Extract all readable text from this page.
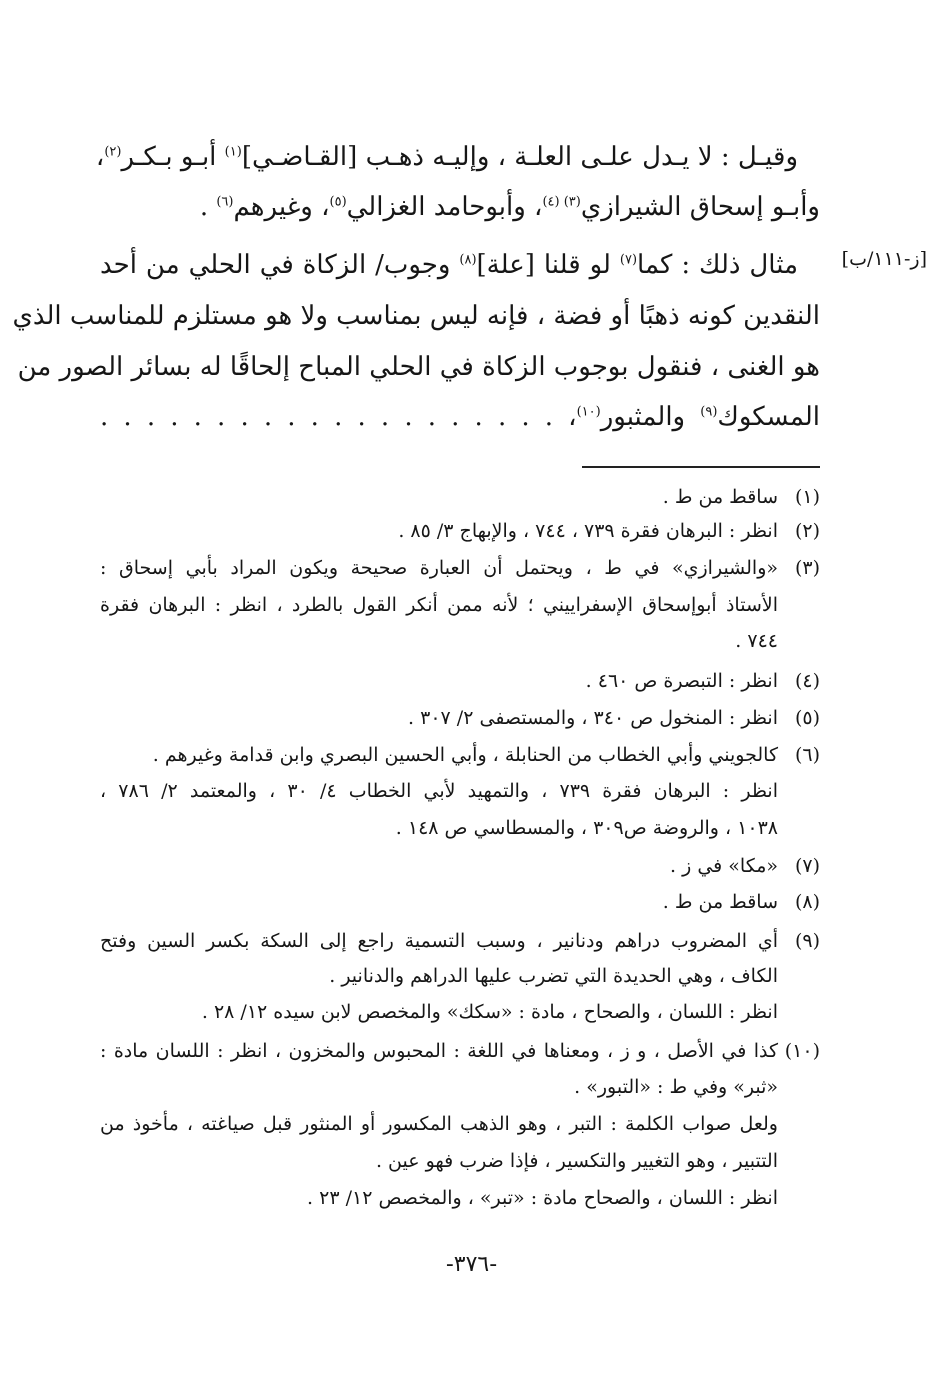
وقيـل : لا يـدل علـى العلـة ، وإليـه ذهـب [القـاضـي]$^{(١)}$ أبـو بـكـر$^{(٢)}$،
وأبـو إسحاق الشيرازي$^{(٣) (٤)}$، وأبوحامد الغزالي$^{(٥)}$، وغيرهم$^{(٦)}$ .
مثال ذلك : كما$^{(٧)}$ لو قلنا [علة]$^{(٨)}$ وجوب/ الزكاة في الحلي من أحد
النقدين كونه ذهبًا أو فضة ، فإنه ليس بمناسب ولا هو مستلزم للمناسب الذي
هو الغنى ، فنقول بوجوب الزكاة في الحلي المباح إلحاقًا له بسائر الصور من
المسكوك$^{(٩)}$ والمثبور$^{(١٠)}$، . . . . . . . . . . . . . . . . . . . .
[ز-١١١/ب]
(١)
ساقط من ط .
(٢)
انظر : البرهان فقرة ٧٣٩ ، ٧٤٤ ، والإبهاج ٣/ ٨٥ .
(٣)
«والشيرازي» في ط ، ويحتمل أن العبارة صحيحة ويكون المراد بأبي إسحاق :
الأستاذ أبوإسحاق الإسفراييني ؛ لأنه ممن أنكر القول بالطرد ، انظر : البرهان فقرة
٧٤٤ .
(٤)
انظر : التبصرة ص ٤٦٠ .
(٥)
انظر : المنخول ص ٣٤٠ ، والمستصفى ٢/ ٣٠٧ .
(٦)
كالجويني وأبي الخطاب من الحنابلة ، وأبي الحسين البصري وابن قدامة وغيرهم .
انظر : البرهان فقرة ٧٣٩ ، والتمهيد لأبي الخطاب ٤/ ٣٠ ، والمعتمد ٢/ ٧٨٦ ،
١٠٣٨ ، والروضة ص٣٠٩ ، والمسطاسي ص ١٤٨ .
(٧)
«مكا» في ز .
(٨)
ساقط من ط .
(٩)
أي المضروب دراهم ودنانير ، وسبب التسمية راجع إلى السكة بكسر السين وفتح
الكاف ، وهي الحديدة التي تضرب عليها الدراهم والدنانير .
انظر : اللسان ، والصحاح ، مادة : «سكك» والمخصص لابن سيده ١٢/ ٢٨ .
(١٠)
كذا في الأصل ، و ز ، ومعناها في اللغة : المحبوس والمخزون ، انظر : اللسان مادة :
«ثبر» وفي ط : «التبور» .
ولعل صواب الكلمة : التبر ، وهو الذهب المكسور أو المنثور قبل صياغته ، مأخوذ من
التتبير ، وهو التغيير والتكسير ، فإذا ضرب فهو عين .
انظر : اللسان ، والصحاح مادة : «تبر» ، والمخصص ١٢/ ٢٣ .
-٣٧٦-
